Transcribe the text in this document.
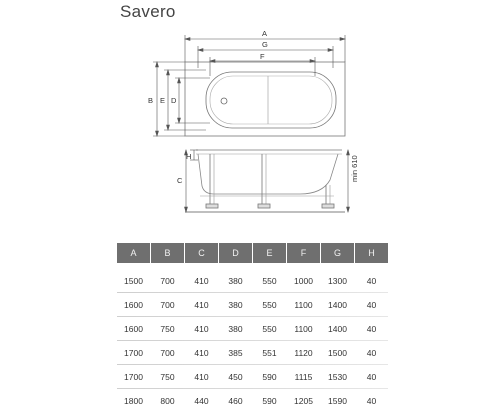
Savero
A
G
F
B E D
C
H	min 610
A	B	C	D	E	F	G	H

1500	700	410	380	550	1000	1300	40

1600	700	410	380	550	1100	1400	40

1600	750	410	380	550	1100	1400	40

1700	700	410	385	551	1120	1500	40

1700	750	410	450	590	1115	1530	40

1800	800	440	460	590	1205	1590	40
